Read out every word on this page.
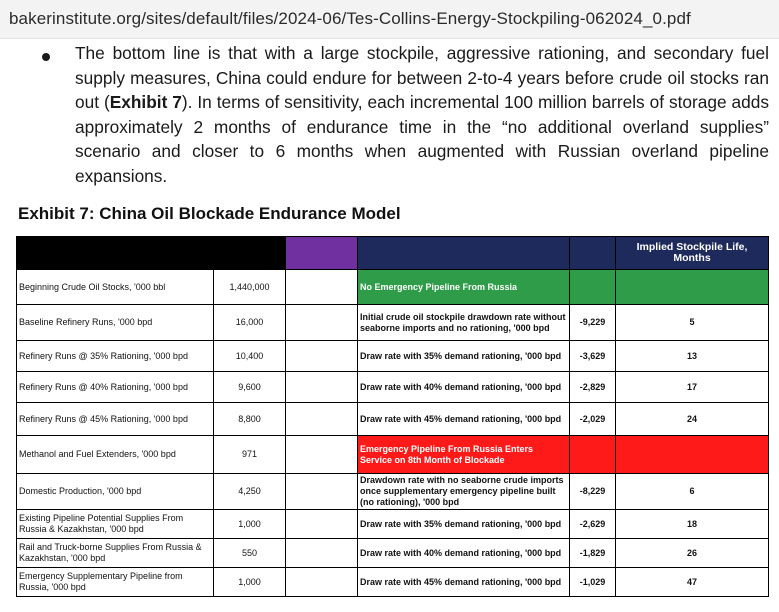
bakerinstitute.org/sites/default/files/2024-06/Tes-Collins-Energy-Stockpiling-062024_0.pdf
The bottom line is that with a large stockpile, aggressive rationing, and secondary fuel supply measures, China could endure for between 2-to-4 years before crude oil stocks ran out (Exhibit 7). In terms of sensitivity, each incremental 100 million barrels of storage adds approximately 2 months of endurance time in the “no additional overland supplies” scenario and closer to 6 months when augmented with Russian overland pipeline expansions.
Exhibit 7: China Oil Blockade Endurance Model
					Implied Stockpile Life, Months
Beginning Crude Oil Stocks, '000 bbl	1,440,000		No Emergency Pipeline From Russia		
Baseline Refinery Runs, '000 bpd	16,000		Initial crude oil stockpile drawdown rate without seaborne imports and no rationing, '000 bpd	-9,229	5
Refinery Runs @ 35% Rationing, '000 bpd	10,400		Draw rate with 35% demand rationing, '000 bpd	-3,629	13
Refinery Runs @ 40% Rationing, '000 bpd	9,600		Draw rate with 40% demand rationing, '000 bpd	-2,829	17
Refinery Runs @ 45% Rationing, '000 bpd	8,800		Draw rate with 45% demand rationing, '000 bpd	-2,029	24
Methanol and Fuel Extenders, '000 bpd	971		Emergency Pipeline From Russia Enters Service on 8th Month of Blockade		
Domestic Production, '000 bpd	4,250		Drawdown rate with no seaborne crude imports once supplementary emergency pipeline built (no rationing), '000 bpd	-8,229	6
Existing Pipeline Potential Supplies From Russia & Kazakhstan, '000 bpd	1,000		Draw rate with 35% demand rationing, '000 bpd	-2,629	18
Rail and Truck-borne Supplies From Russia & Kazakhstan, '000 bpd	550		Draw rate with 40% demand rationing, '000 bpd	-1,829	26
Emergency Supplementary Pipeline from Russia, '000 bpd	1,000		Draw rate with 45% demand rationing, '000 bpd	-1,029	47
